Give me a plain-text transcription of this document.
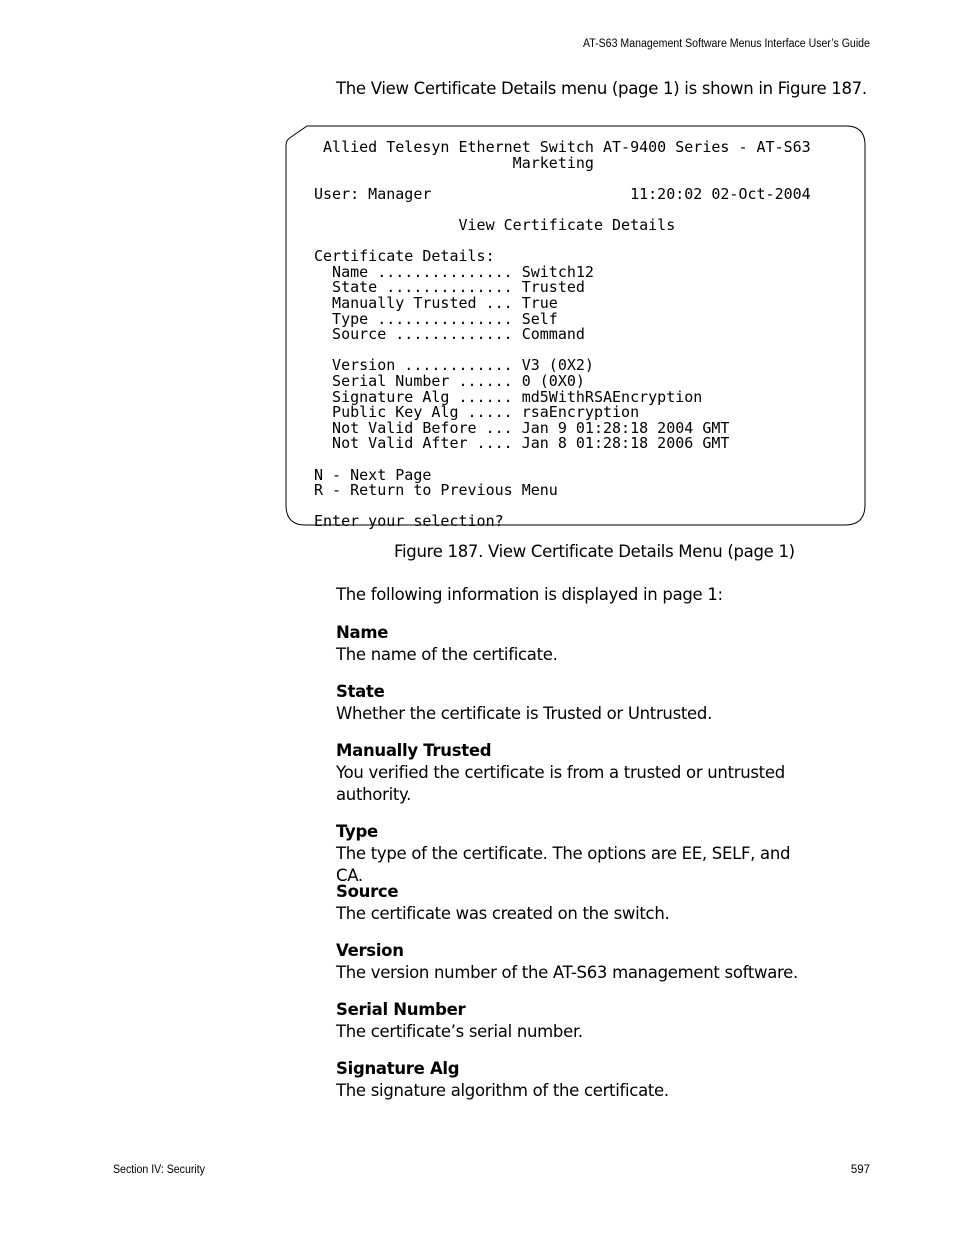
AT-S63 Management Software Menus Interface User’s Guide
The View Certificate Details menu (page 1) is shown in Figure 187.
Allied Telesyn Ethernet Switch AT-9400 Series - AT-S63
Marketing
User: Manager                      11:20:02 02-Oct-2004
View Certificate Details
Certificate Details:
Name ............... Switch12
State .............. Trusted
Manually Trusted ... True
Type ............... Self
Source ............. Command
Version ............ V3 (0X2)
Serial Number ...... 0 (0X0)
Signature Alg ...... md5WithRSAEncryption
Public Key Alg ..... rsaEncryption
Not Valid Before ... Jan 9 01:28:18 2004 GMT
Not Valid After .... Jan 8 01:28:18 2006 GMT
N - Next Page
R - Return to Previous Menu
Enter your selection?
Figure 187. View Certificate Details Menu (page 1)
The following information is displayed in page 1:
Name
The name of the certificate.
State
Whether the certificate is Trusted or Untrusted.
Manually Trusted
You verified the certificate is from a trusted or untrusted authority.
Type
The type of the certificate. The options are EE, SELF, and CA.
Source
The certificate was created on the switch.
Version
The version number of the AT-S63 management software.
Serial Number
The certificate’s serial number.
Signature Alg
The signature algorithm of the certificate.
Section IV: Security	597
